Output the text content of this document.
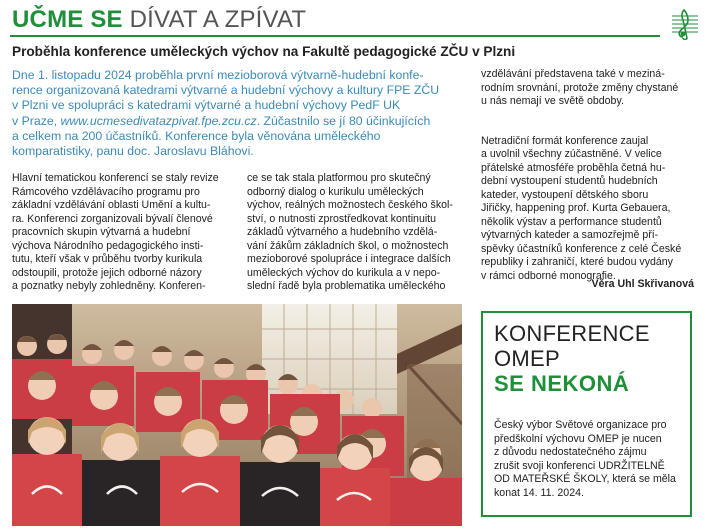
UČME SE DÍVAT A ZPÍVAT
Proběhla konference uměleckých výchov na Fakultě pedagogické ZČU v Plzni
Dne 1. listopadu 2024 proběhla první mezioborová výtvarně-hudební konfe-
rence organizovaná katedrami výtvarné a hudební výchovy a kultury FPE ZČU
v Plzni ve spolupráci s katedrami výtvarné a hudební výchovy PedF UK
v Praze, www.ucmesedivatazpivat.fpe.zcu.cz. Zúčastnilo se jí 80 účinkujících
a celkem na 200 účastníků. Konference byla věnována uměleckého
komparatistiky, panu doc. Jaroslavu Bláhovi.
Hlavní tematickou konferencí se staly revize
Rámcového vzdělávacího programu pro
základní vzdělávání oblasti Umění a kultu-
ra. Konferenci zorganizovali bývalí členové
pracovních skupin výtvarná a hudební
výchova Národního pedagogického insti-
tutu, kteří však v průběhu tvorby kurikula
odstoupili, protože jejich odborné názory
a poznatky nebyly zohledněny. Konferen-
ce se tak stala platformou pro skutečný
odborný dialog o kurikulu uměleckých
výchov, reálných možnostech českého škol-
ství, o nutnosti zprostředkovat kontinuitu
základů výtvarného a hudebního vzdělá-
vání žákům základních škol, o možnostech
mezioborové spolupráce i integrace dalších
uměleckých výchov do kurikula a v nepo-
slední řadě byla problematika uměleckého
vzdělávání představena také v meziná-
rodním srovnání, protože změny chystané
u nás nemají ve světě obdoby.
Netradiční formát konference zaujal
a uvolnil všechny zúčastněné. V velice
přátelské atmosféře proběhla četná hu-
dební vystoupení studentů hudebních
kateder, vystoupení dětského sboru
Jiřičky, happening prof. Kurta Gebauera,
několik výstav a performance studentů
výtvarných kateder a samozřejmě pří-
spěvky účastníků konference z celé České
republiky i zahraničí, které budou vydány
v rámci odborné monografie.
Věra Uhl Skřivanová
KONFERENCE
OMEP
SE NEKONÁ
Český výbor Světové organizace pro
předškolní výchovu OMEP je nucen
z důvodu nedostatečného zájmu
zrušit svoji konferenci UDRŽITELNĚ
OD MATEŘSKÉ ŠKOLY, která se měla
konat 14. 11. 2024.
